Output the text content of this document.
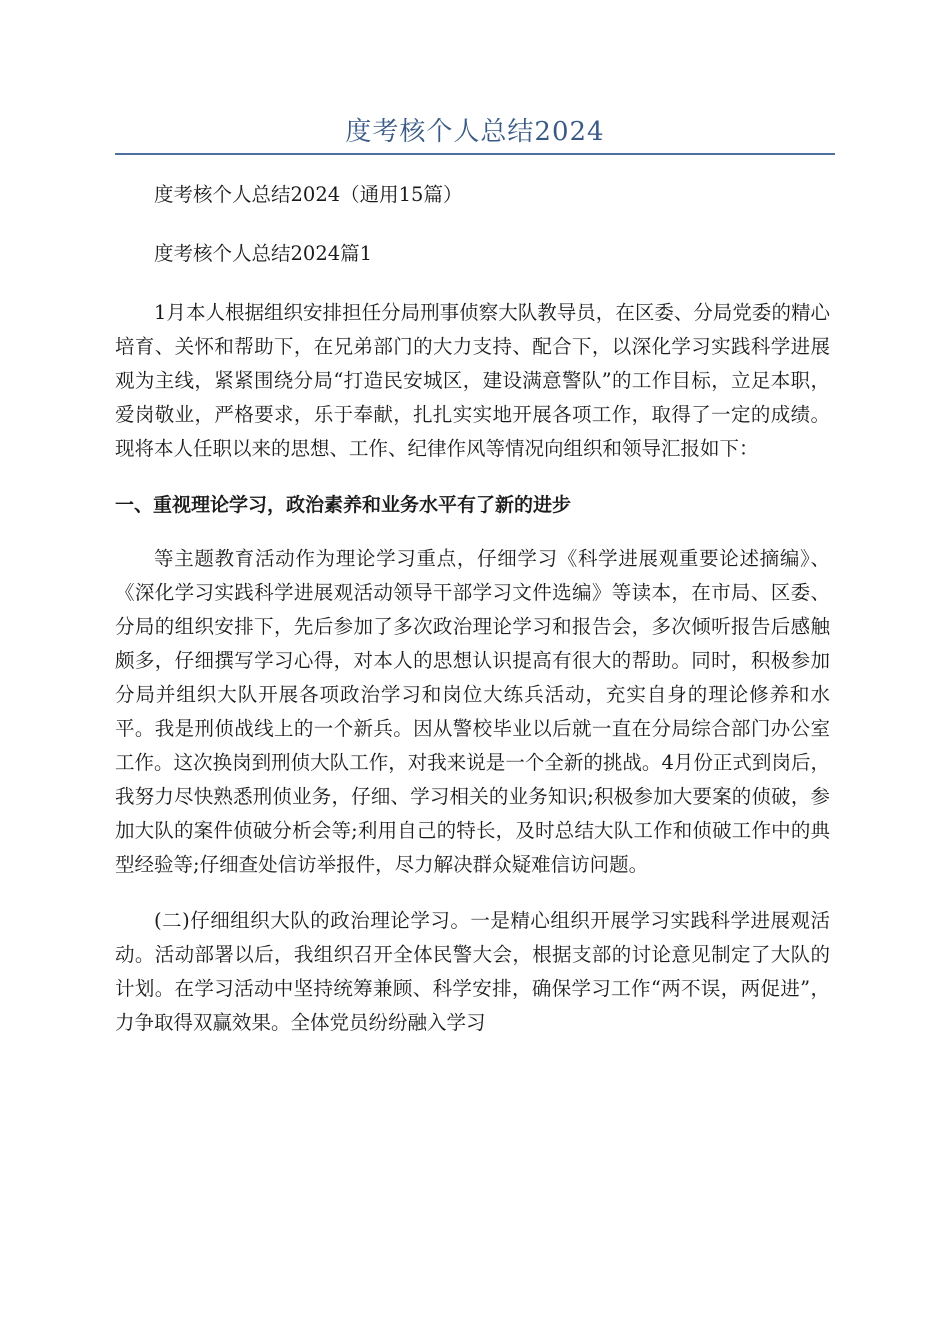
度考核个人总结2024

度考核个人总结2024（通用15篇）

度考核个人总结2024篇1

1月本人根据组织安排担任分局刑事侦察大队教导员，在区委、分局党委的精心培育、关怀和帮助下，在兄弟部门的大力支持、配合下，以深化学习实践科学进展观为主线，紧紧围绕分局“打造民安城区，建设满意警队”的工作目标，立足本职，爱岗敬业，严格要求，乐于奉献，扎扎实实地开展各项工作，取得了一定的成绩。现将本人任职以来的思想、工作、纪律作风等情况向组织和领导汇报如下：

一、重视理论学习，政治素养和业务水平有了新的进步

等主题教育活动作为理论学习重点，仔细学习《科学进展观重要论述摘编》、《深化学习实践科学进展观活动领导干部学习文件选编》等读本，在市局、区委、分局的组织安排下，先后参加了多次政治理论学习和报告会，多次倾听报告后感触颇多，仔细撰写学习心得，对本人的思想认识提高有很大的帮助。同时，积极参加分局并组织大队开展各项政治学习和岗位大练兵活动，充实自身的理论修养和水平。我是刑侦战线上的一个新兵。因从警校毕业以后就一直在分局综合部门办公室工作。这次换岗到刑侦大队工作，对我来说是一个全新的挑战。4月份正式到岗后，我努力尽快熟悉刑侦业务，仔细、学习相关的业务知识;积极参加大要案的侦破，参加大队的案件侦破分析会等;利用自己的特长，及时总结大队工作和侦破工作中的典型经验等;仔细查处信访举报件，尽力解决群众疑难信访问题。

(二)仔细组织大队的政治理论学习。一是精心组织开展学习实践科学进展观活动。活动部署以后，我组织召开全体民警大会，根据支部的讨论意见制定了大队的计划。在学习活动中坚持统筹兼顾、科学安排，确保学习工作“两不误，两促进”，力争取得双赢效果。全体党员纷纷融入学习
